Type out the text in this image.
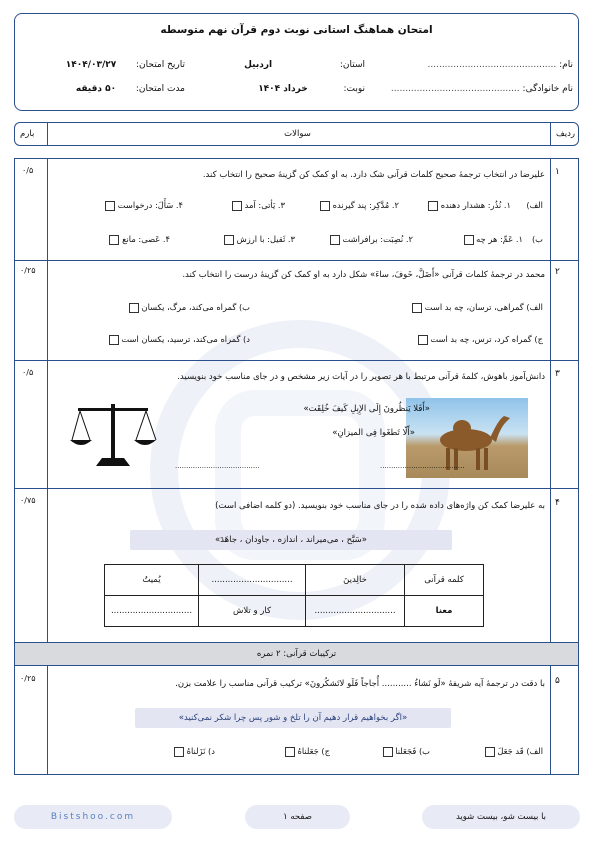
امتحان هماهنگ استانی نوبت دوم قرآن نهم متوسطه
نام: .............................................
نام خانوادگی: .............................................
استان:  اردبیل
نوبت:  خرداد ۱۴۰۴
تاریخ امتحان:  ۱۴۰۴/۰۳/۲۷
مدت امتحان:  ۵۰ دقیقه
ردیف
سوالات
بارم
۱
۰/۵	علیرضا در انتخاب ترجمهٔ صحیح کلمات قرآنی شک دارد. به او کمک کن گزینهٔ صحیح را انتخاب کند.
الف)
۱. نُذُر: هشدار دهنده
۲. مُدَّکِر: پند گیرنده
۳. یَأتی: آمد
۴. سَأَلَ: درخواست
ب)
۱. عَمِّ: هر چه
۲. نُصِبَت: برافراشت
۳. ثَقیل: با ارزش
۴. عَصی: مانع
۲
۰/۲۵	محمد در ترجمهٔ کلمات قرآنی «أَضَلَّ، خَوفَ، ساءَ» شکل دارد به او کمک کن گزینهٔ درست را انتخاب کند.
الف) گمراهی، ترسان، چه بد است
ب) گمراه می‌کند، مرگ، یکسان
ج) گمراه کرد، ترس، چه بد است
د) گمراه می‌کند، ترسید، یکسان است
۳
۰/۵	دانش‌آموز باهوش، کلمهٔ قرآنی مرتبط با هر تصویر را در آیات زیر مشخص و در جای مناسب خود بنویسید.
«أَفَلا یَنظُرونَ إِلَی الإِبِلِ کَیفَ خُلِقَت»
«أَلّا تَطغَوا فِی المیزانِ»
......................................
......................................
۴
۰/۷۵
به علیرضا کمک کن واژه‌های داده شده را در جای مناسب خود بنویسید. (دو کلمه اضافی است)
«سَبَّح ، می‌میراند ، اندازه ، جاودان ، جاهَدَ»
کلمه قرآنی	خالِدینَ	..............................	یُمیتُ
معنا	..............................	کار و تلاش	..............................
ترکیبات قرآنی: ۲ نمره
۵
۰/۲۵
با دقت در ترجمهٔ آیه شریفهٔ «لَو نَشاءُ ........... أُجاجاً فَلَو لاتَشکُرونَ» ترکیب قرآنی مناسب را علامت بزن.
«اگر بخواهیم قرار دهیم آن را تلخ و شور پس چرا شکر نمی‌کنید»
الف) قَد جَعَلَ
ب) فَجَعَلنا
ج) جَعَلناهُ
د) نَزَلناهُ
Bistshoo.com	صفحه ۱	با بیست شو، بیست شوید
